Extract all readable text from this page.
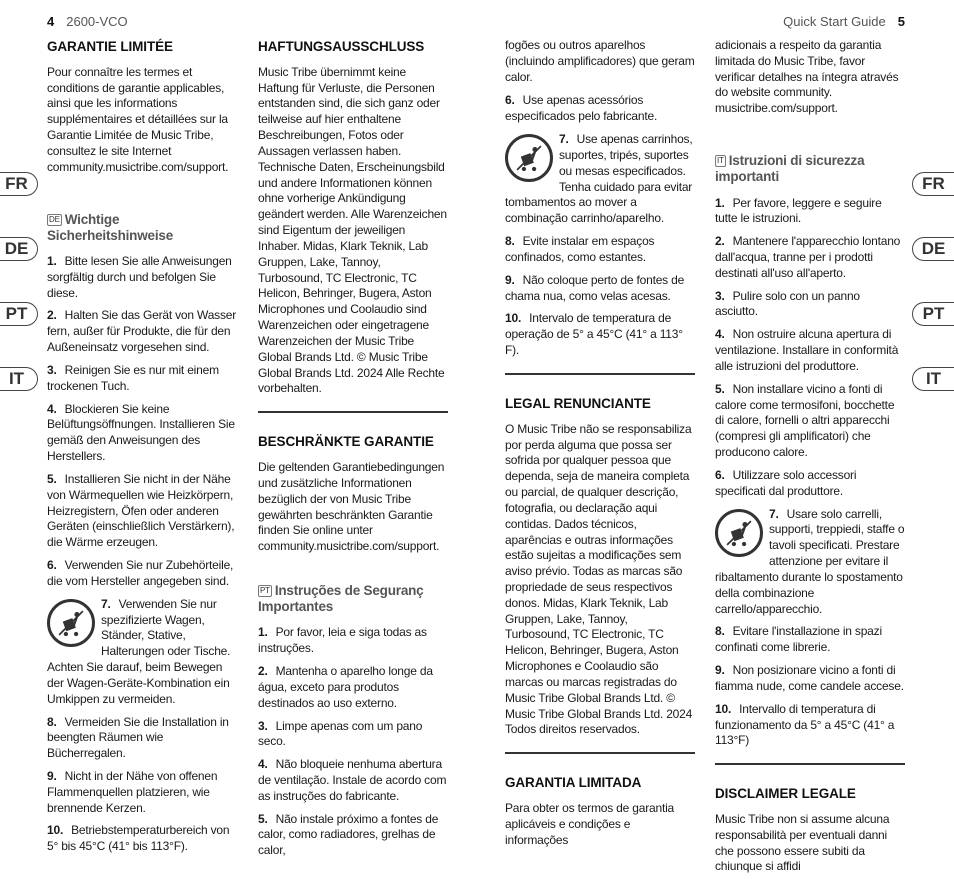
4 2600-VCO	Quick Start Guide 5
FR
DE
PT
IT
FR
DE
PT
IT
GARANTIE LIMITÉE

Pour connaître les termes et conditions de garantie applicables, ainsi que les informations supplémentaires et détaillées sur la Garantie Limitée de Music Tribe, consultez le site Internet community.musictribe.com/support.

DE Wichtige Sicherheitshinweise
1. Bitte lesen Sie alle Anweisungen sorgfältig durch und befolgen Sie diese.
2. Halten Sie das Gerät von Wasser fern, außer für Produkte, die für den Außeneinsatz vorgesehen sind.
3. Reinigen Sie es nur mit einem trockenen Tuch.
4. Blockieren Sie keine Belüftungsöffnungen. Installieren Sie gemäß den Anweisungen des Herstellers.
5. Installieren Sie nicht in der Nähe von Wärmequellen wie Heizkörpern, Heizregistern, Öfen oder anderen Geräten (einschließlich Verstärkern), die Wärme erzeugen.
6. Verwenden Sie nur Zubehörteile, die vom Hersteller angegeben sind.
7. Verwenden Sie nur spezifizierte Wagen, Ständer, Stative, Halterungen oder Tische. Achten Sie darauf, beim Bewegen der Wagen-Geräte-Kombination ein Umkippen zu vermeiden.
8. Vermeiden Sie die Installation in beengten Räumen wie Bücherregalen.
9. Nicht in der Nähe von offenen Flammenquellen platzieren, wie brennende Kerzen.
10. Betriebstemperaturbereich von 5° bis 45°C (41° bis 113°F).
HAFTUNGSAUSSCHLUSS

Music Tribe übernimmt keine Haftung für Verluste, die Personen entstanden sind, die sich ganz oder teilweise auf hier enthaltene Beschreibungen, Fotos oder Aussagen verlassen haben. Technische Daten, Erscheinungsbild und andere Informationen können ohne vorherige Ankündigung geändert werden. Alle Warenzeichen sind Eigentum der jeweiligen Inhaber. Midas, Klark Teknik, Lab Gruppen, Lake, Tannoy, Turbosound, TC Electronic, TC Helicon, Behringer, Bugera, Aston Microphones und Coolaudio sind Warenzeichen oder eingetragene Warenzeichen der Music Tribe Global Brands Ltd. © Music Tribe Global Brands Ltd. 2024 Alle Rechte vorbehalten.

BESCHRÄNKTE GARANTIE

Die geltenden Garantiebedingungen und zusätzliche Informationen bezüglich der von Music Tribe gewährten beschränkten Garantie finden Sie online unter community.musictribe.com/support.

PT Instruções de Seguranç Importantes
1. Por favor, leia e siga todas as instruções.
2. Mantenha o aparelho longe da água, exceto para produtos destinados ao uso externo.
3. Limpe apenas com um pano seco.
4. Não bloqueie nenhuma abertura de ventilação. Instale de acordo com as instruções do fabricante.
5. Não instale próximo a fontes de calor, como radiadores, grelhas de calor,

fogões ou outros aparelhos (incluindo amplificadores) que geram calor.

6. Use apenas acessórios especificados pelo fabricante.
7. Use apenas carrinhos, suportes, tripés, suportes ou mesas especificados. Tenha cuidado para evitar tombamentos ao mover a combinação carrinho/aparelho.
8. Evite instalar em espaços confinados, como estantes.
9. Não coloque perto de fontes de chama nua, como velas acesas.
10. Intervalo de temperatura de operação de 5° a 45°C (41° a 113° F).
LEGAL RENUNCIANTE

O Music Tribe não se responsabiliza por perda alguma que possa ser sofrida por qualquer pessoa que dependa, seja de maneira completa ou parcial, de qualquer descrição, fotografia, ou declaração aqui contidas. Dados técnicos, aparências e outras informações estão sujeitas a modificações sem aviso prévio. Todas as marcas são propriedade de seus respectivos donos. Midas, Klark Teknik, Lab Gruppen, Lake, Tannoy, Turbosound, TC Electronic, TC Helicon, Behringer, Bugera, Aston Microphones e Coolaudio são marcas ou marcas registradas do Music Tribe Global Brands Ltd. © Music Tribe Global Brands Ltd. 2024 Todos direitos reservados.

GARANTIA LIMITADA

Para obter os termos de garantia aplicáveis e condições e informações

adicionais a respeito da garantia limitada do Music Tribe, favor verificar detalhes na íntegra através do website community. musictribe.com/support.

IT Istruzioni di sicurezza importanti
1. Per favore, leggere e seguire tutte le istruzioni.
2. Mantenere l'apparecchio lontano dall'acqua, tranne per i prodotti destinati all'uso all'aperto.
3. Pulire solo con un panno asciutto.
4. Non ostruire alcuna apertura di ventilazione. Installare in conformità alle istruzioni del produttore.
5. Non installare vicino a fonti di calore come termosifoni, bocchette di calore, fornelli o altri apparecchi (compresi gli amplificatori) che producono calore.
6. Utilizzare solo accessori specificati dal produttore.
7. Usare solo carrelli, supporti, treppiedi, staffe o tavoli specificati. Prestare attenzione per evitare il ribaltamento durante lo spostamento della combinazione carrello/apparecchio.
8. Evitare l'installazione in spazi confinati come librerie.
9. Non posizionare vicino a fonti di fiamma nude, come candele accese.
10. Intervallo di temperatura di funzionamento da 5° a 45°C (41° a 113°F)
DISCLAIMER LEGALE

Music Tribe non si assume alcuna responsabilità per eventuali danni che possono essere subiti da chiunque si affidi
